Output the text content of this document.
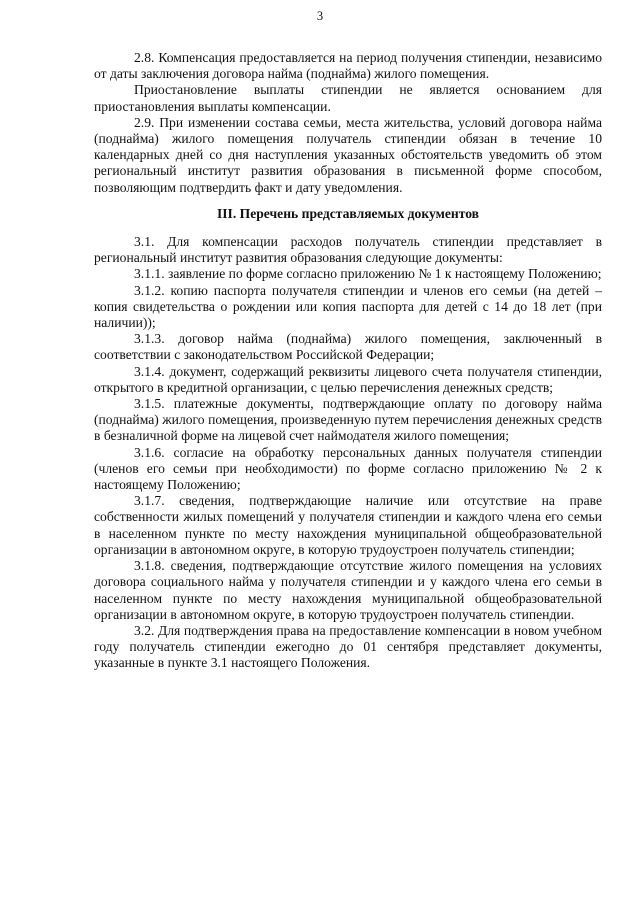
3

2.8. Компенсация предоставляется на период получения стипендии, независимо от даты заключения договора найма (поднайма) жилого помещения.

Приостановление выплаты стипендии не является основанием для приостановления выплаты компенсации.

2.9. При изменении состава семьи, места жительства, условий договора найма (поднайма) жилого помещения получатель стипендии обязан в течение 10 календарных дней со дня наступления указанных обстоятельств уведомить об этом региональный институт развития образования в письменной форме способом, позволяющим подтвердить факт и дату уведомления.

III. Перечень представляемых документов

3.1. Для компенсации расходов получатель стипендии представляет в региональный институт развития образования следующие документы:

3.1.1. заявление по форме согласно приложению № 1 к настоящему Положению;

3.1.2. копию паспорта получателя стипендии и членов его семьи (на детей – копия свидетельства о рождении или копия паспорта для детей с 14 до 18 лет (при наличии));

3.1.3. договор найма (поднайма) жилого помещения, заключенный в соответствии с законодательством Российской Федерации;

3.1.4. документ, содержащий реквизиты лицевого счета получателя стипендии, открытого в кредитной организации, с целью перечисления денежных средств;

3.1.5. платежные документы, подтверждающие оплату по договору найма (поднайма) жилого помещения, произведенную путем перечисления денежных средств в безналичной форме на лицевой счет наймодателя жилого помещения;

3.1.6. согласие на обработку персональных данных получателя стипендии (членов его семьи при необходимости) по форме согласно приложению № 2 к настоящему Положению;

3.1.7. сведения, подтверждающие наличие или отсутствие на праве собственности жилых помещений у получателя стипендии и каждого члена его семьи в населенном пункте по месту нахождения муниципальной общеобразовательной организации в автономном округе, в которую трудоустроен получатель стипендии;

3.1.8. сведения, подтверждающие отсутствие жилого помещения на условиях договора социального найма у получателя стипендии и у каждого члена его семьи в населенном пункте по месту нахождения муниципальной общеобразовательной организации в автономном округе, в которую трудоустроен получатель стипендии.

3.2. Для подтверждения права на предоставление компенсации в новом учебном году получатель стипендии ежегодно до 01 сентября представляет документы, указанные в пункте 3.1 настоящего Положения.
